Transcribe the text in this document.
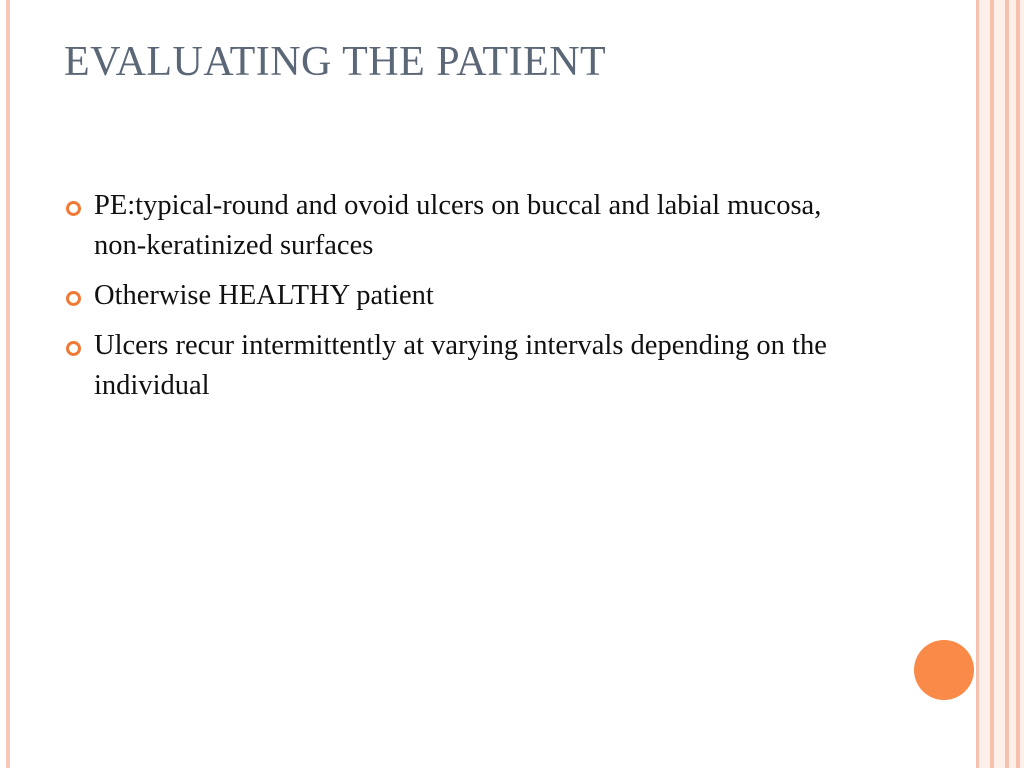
EVALUATING THE PATIENT
PE:typical-round and ovoid ulcers on buccal and labial mucosa, non-keratinized surfaces
Otherwise HEALTHY patient
Ulcers recur intermittently at varying intervals depending on the individual
